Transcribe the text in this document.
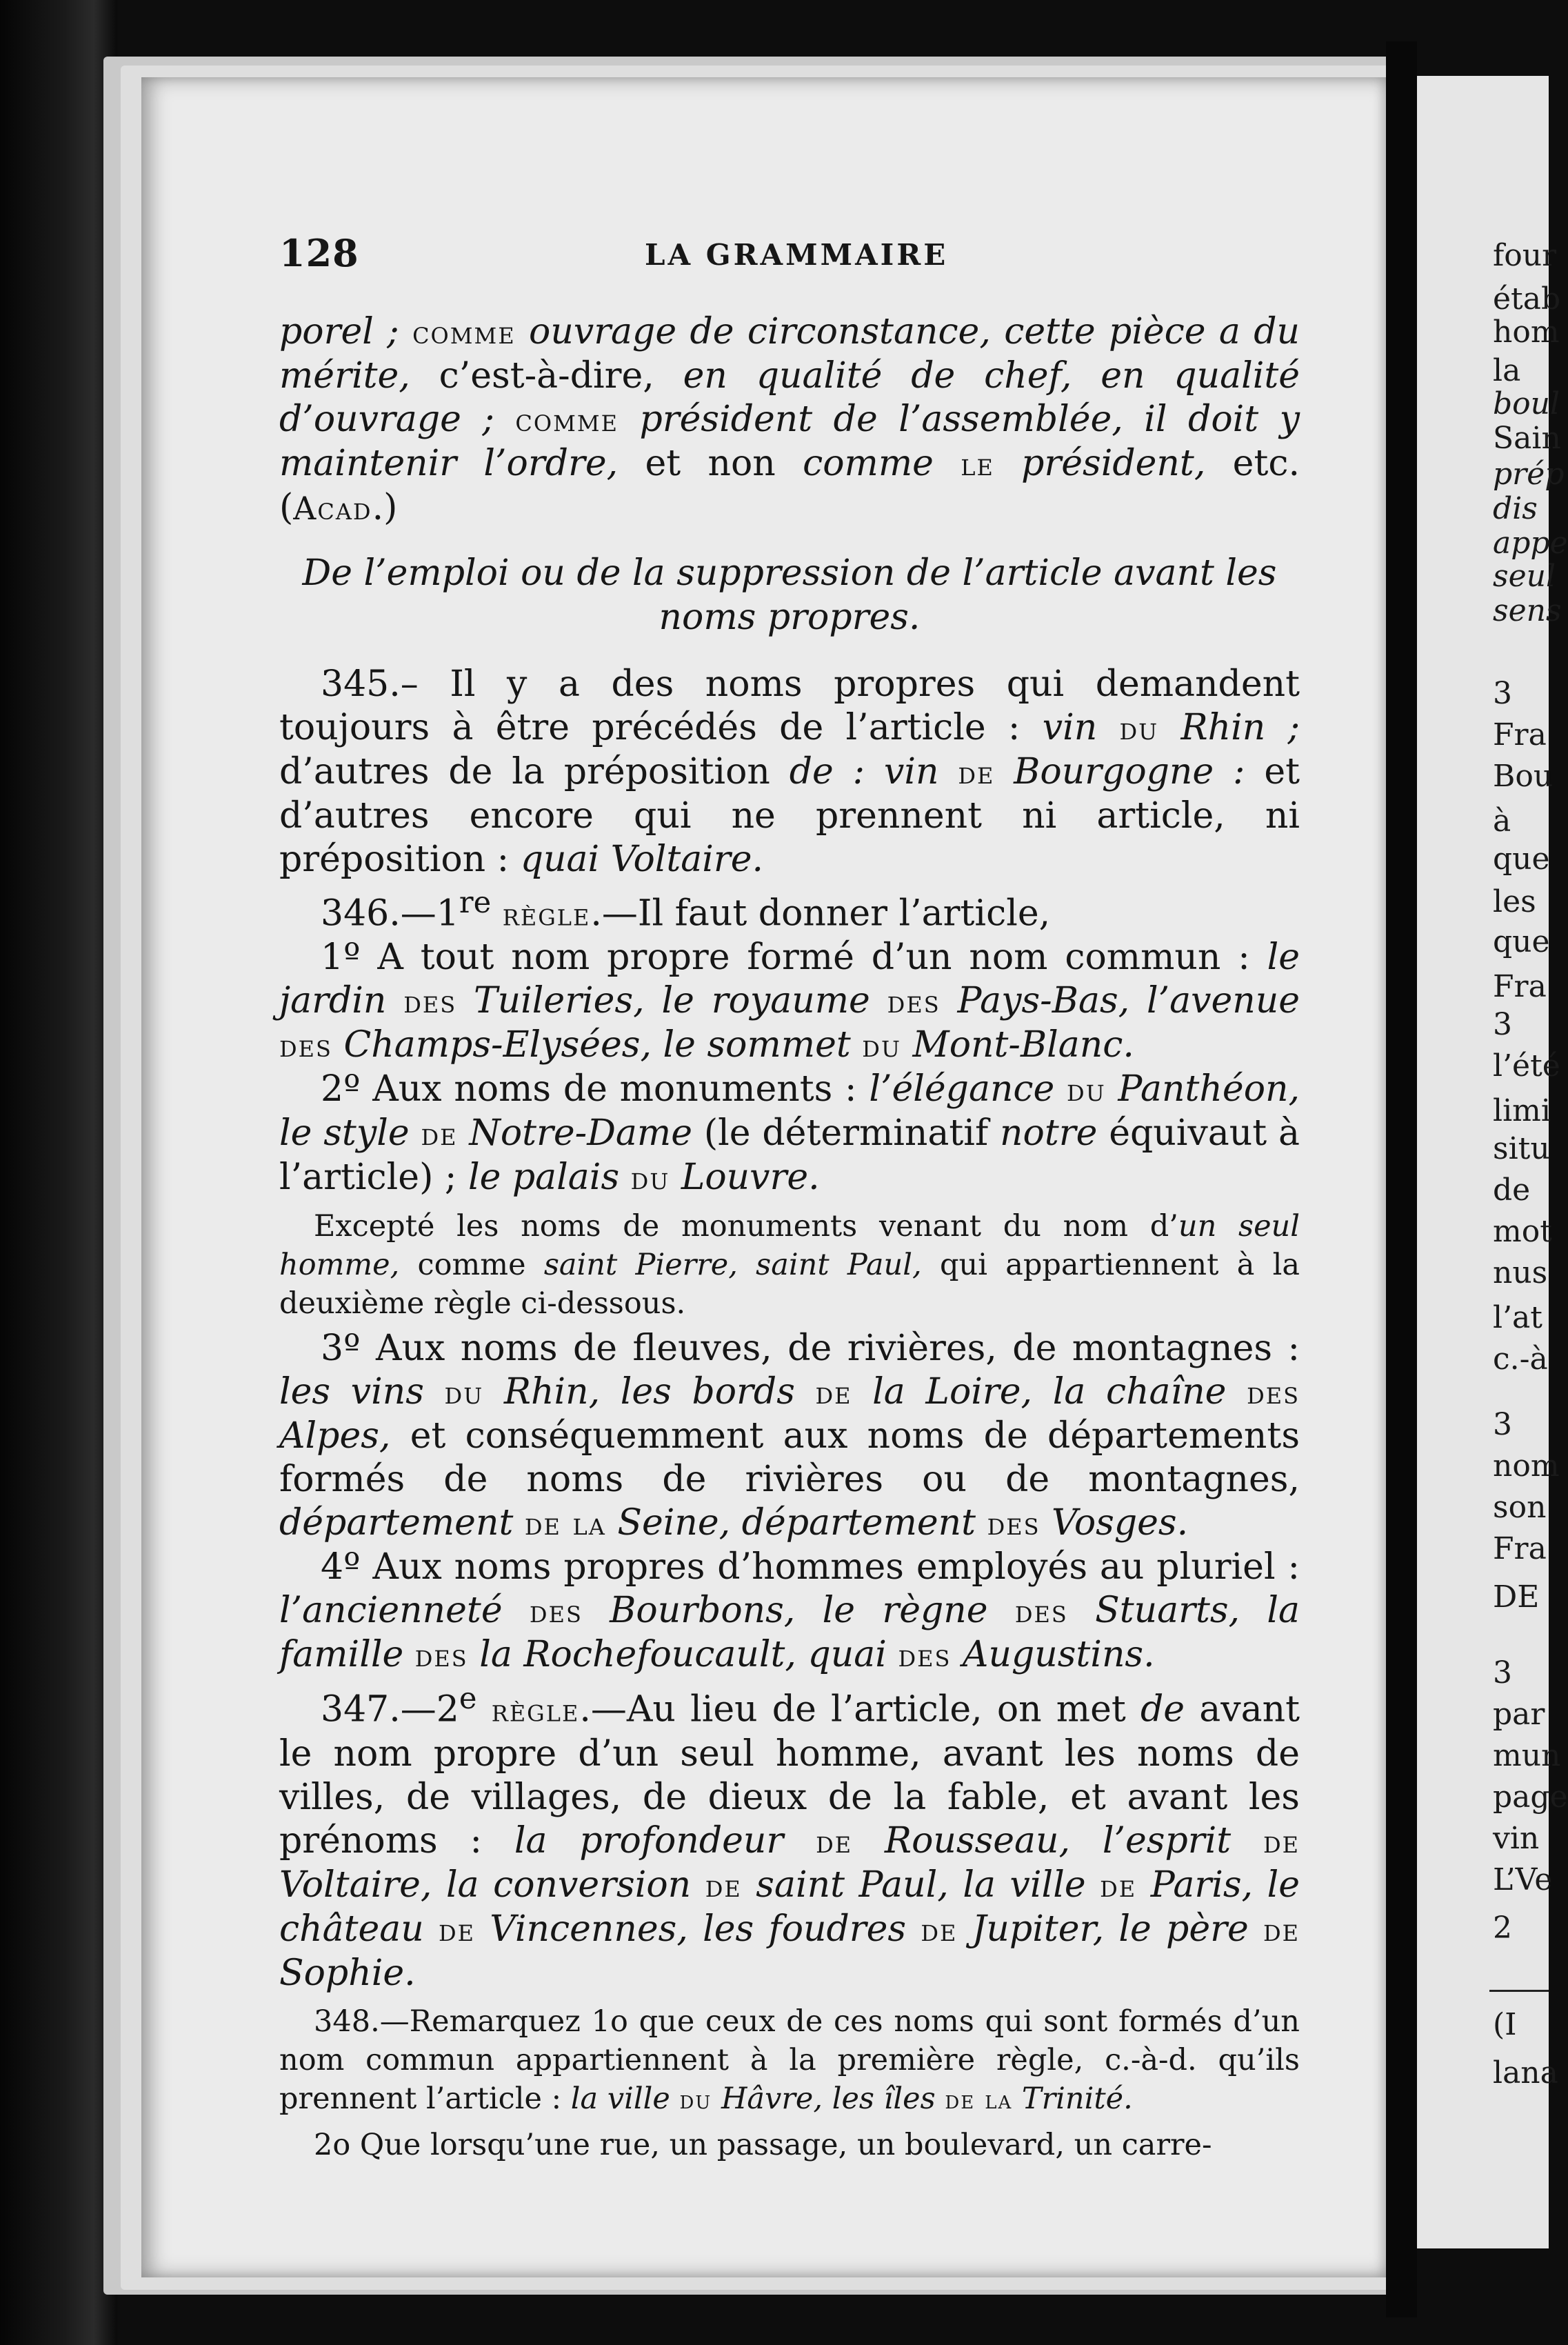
four
étab
hom
la
boul
Sain
prép
dis
appe
seul
sens
3
Fra
Bou
à
que
les
que
Fra
3
l’été
limi
situ
de
mot
nus
l’at
c.-à
3
nom
son
Fra
DE
3
par
mun
page
vin
L’Ve
2
(I
lana
128	LA GRAMMAIRE

porel ; comme ouvrage de circonstance, cette pièce a du mérite, c’est-à-dire, en qualité de chef, en qualité d’ouvrage ; comme président de l’assemblée, il doit y maintenir l’ordre, et non comme le président, etc. (Acad.)

De l’emploi ou de la suppression de l’article avant les noms propres.

345.– Il y a des noms propres qui demandent toujours à être précédés de l’article : vin du Rhin ; d’autres de la préposition de : vin de Bourgogne : et d’autres encore qui ne prennent ni article, ni préposition : quai Voltaire.

346.—1re règle.—Il faut donner l’article,

1º A tout nom propre formé d’un nom commun : le jardin des Tuileries, le royaume des Pays-Bas, l’avenue des Champs-Elysées, le sommet du Mont-Blanc.

2º Aux noms de monuments : l’élégance du Panthéon, le style de Notre-Dame (le déterminatif notre équivaut à l’article) ; le palais du Louvre.

Excepté les noms de monuments venant du nom d’un seul homme, comme saint Pierre, saint Paul, qui appartiennent à la deuxième règle ci-dessous.

3º Aux noms de fleuves, de rivières, de montagnes : les vins du Rhin, les bords de la Loire, la chaîne des Alpes, et conséquemment aux noms de départements formés de noms de rivières ou de montagnes, département de la Seine, département des Vosges.

4º Aux noms propres d’hommes employés au pluriel : l’ancienneté des Bourbons, le règne des Stuarts, la famille des la Rochefoucault, quai des Augustins.

347.—2e règle.—Au lieu de l’article, on met de avant le nom propre d’un seul homme, avant les noms de villes, de villages, de dieux de la fable, et avant les prénoms : la profondeur de Rousseau, l’esprit de Voltaire, la conversion de saint Paul, la ville de Paris, le château de Vincennes, les foudres de Jupiter, le père de Sophie.

348.—Remarquez 1o que ceux de ces noms qui sont formés d’un nom commun appartiennent à la première règle, c.-à-d. qu’ils prennent l’article : la ville du Hâvre, les îles de la Trinité.

2o Que lorsqu’une rue, un passage, un boulevard, un carre-
